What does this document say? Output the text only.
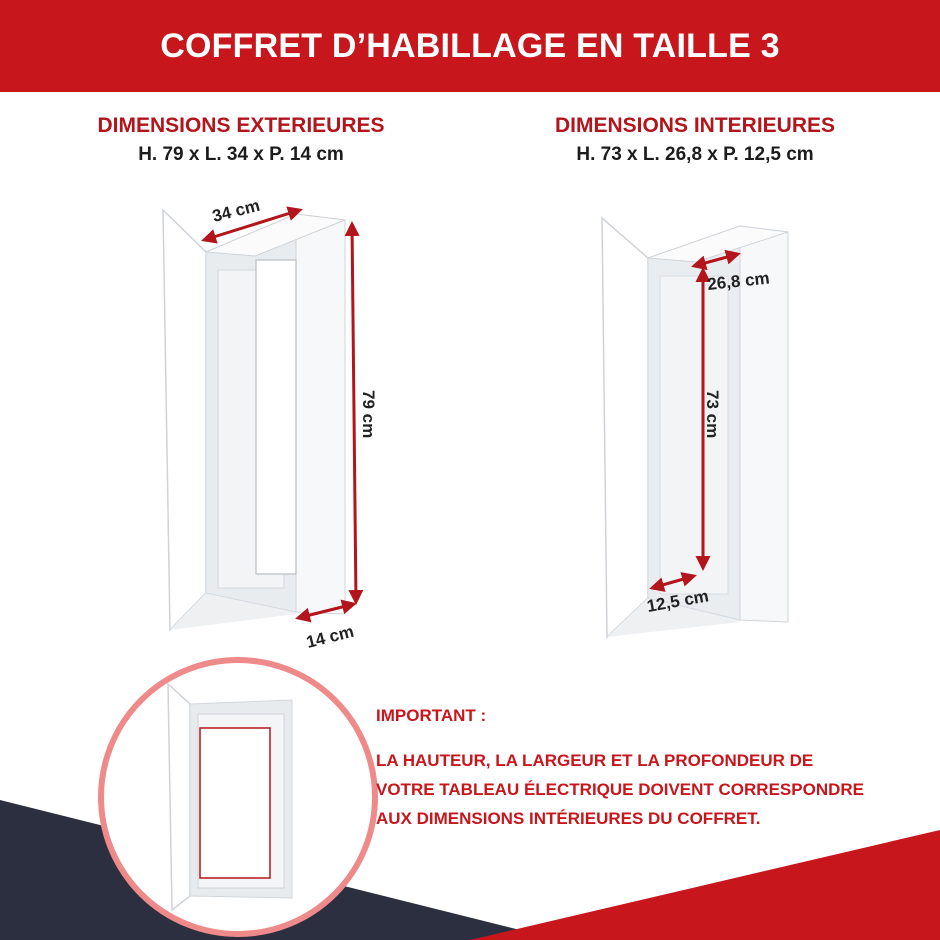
COFFRET D’HABILLAGE EN TAILLE 3
34 cm
79 cm
14 cm
26,8 cm
73 cm
12,5 cm
DIMENSIONS EXTERIEURES
H. 79 x L. 34 x P. 14 cm
DIMENSIONS INTERIEURES
H. 73 x L. 26,8 x P. 12,5 cm
IMPORTANT :
LA HAUTEUR, LA LARGEUR ET LA PROFONDEUR DE
VOTRE TABLEAU ÉLECTRIQUE DOIVENT CORRESPONDRE
AUX DIMENSIONS INTÉRIEURES DU COFFRET.
